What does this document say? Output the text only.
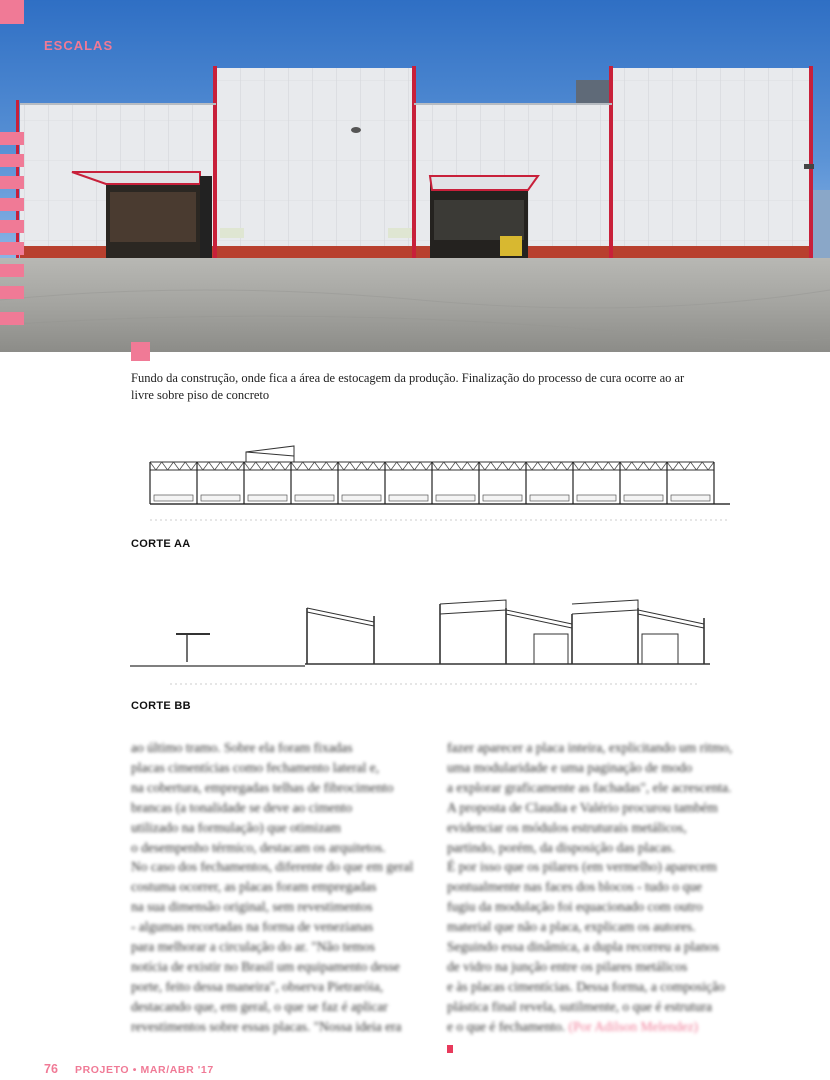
ESCALAS
Fundo da construção, onde fica a área de estocagem da produção. Finalização do processo de cura ocorre ao ar livre sobre piso de concreto
CORTE AA
CORTE BB

ao último tramo. Sobre ela foram fixadas

placas cimentícias como fechamento lateral e,

na cobertura, empregadas telhas de fibrocimento

brancas (a tonalidade se deve ao cimento

utilizado na formulação) que otimizam

o desempenho térmico, destacam os arquitetos.

No caso dos fechamentos, diferente do que em geral

costuma ocorrer, as placas foram empregadas

na sua dimensão original, sem revestimentos

- algumas recortadas na forma de venezianas

para melhorar a circulação do ar. "Não temos

notícia de existir no Brasil um equipamento desse

porte, feito dessa maneira", observa Pietraróia,

destacando que, em geral, o que se faz é aplicar

revestimentos sobre essas placas. "Nossa ideia era

fazer aparecer a placa inteira, explicitando um ritmo,

uma modularidade e uma paginação de modo

a explorar graficamente as fachadas", ele acrescenta.

A proposta de Claudia e Valério procurou também

evidenciar os módulos estruturais metálicos,

partindo, porém, da disposição das placas.

É por isso que os pilares (em vermelho) aparecem

pontualmente nas faces dos blocos - tudo o que

fugiu da modulação foi equacionado com outro

material que não a placa, explicam os autores.

Seguindo essa dinâmica, a dupla recorreu a planos

de vidro na junção entre os pilares metálicos

e às placas cimentícias. Dessa forma, a composição

plástica final revela, sutilmente, o que é estrutura

e o que é fechamento. (Por Adilson Melendez)

76 PROJETO • MAR/ABR '17
